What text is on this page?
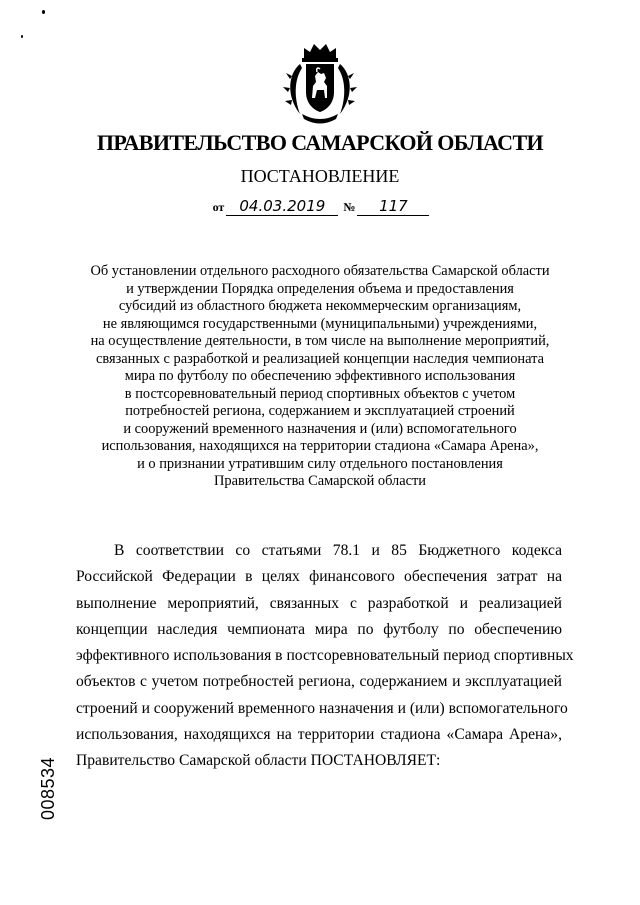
ПРАВИТЕЛЬСТВО САМАРСКОЙ ОБЛАСТИ
ПОСТАНОВЛЕНИЕ
от 04.03.2019 № 117
Об установлении отдельного расходного обязательства Самарской области
и утверждении Порядка определения объема и предоставления
субсидий из областного бюджета некоммерческим организациям,
не являющимся государственными (муниципальными) учреждениями,
на осуществление деятельности, в том числе на выполнение мероприятий,
связанных с разработкой и реализацией концепции наследия чемпионата
мира по футболу по обеспечению эффективного использования
в постсоревновательный период спортивных объектов с учетом
потребностей региона, содержанием и эксплуатацией строений
и сооружений временного назначения и (или) вспомогательного
использования, находящихся на территории стадиона «Самара Арена»,
и о признании утратившим силу отдельного постановления
Правительства Самарской области
В соответствии со статьями 78.1 и 85 Бюджетного кодекса
Российской Федерации в целях финансового обеспечения затрат на
выполнение мероприятий, связанных с разработкой и реализацией
концепции наследия чемпионата мира по футболу по обеспечению
эффективного использования в постсоревновательный период спортивных
объектов с учетом потребностей региона, содержанием и эксплуатацией
строений и сооружений временного назначения и (или) вспомогательного
использования, находящихся на территории стадиона «Самара Арена»,
Правительство Самарской области ПОСТАНОВЛЯЕТ:
008534
